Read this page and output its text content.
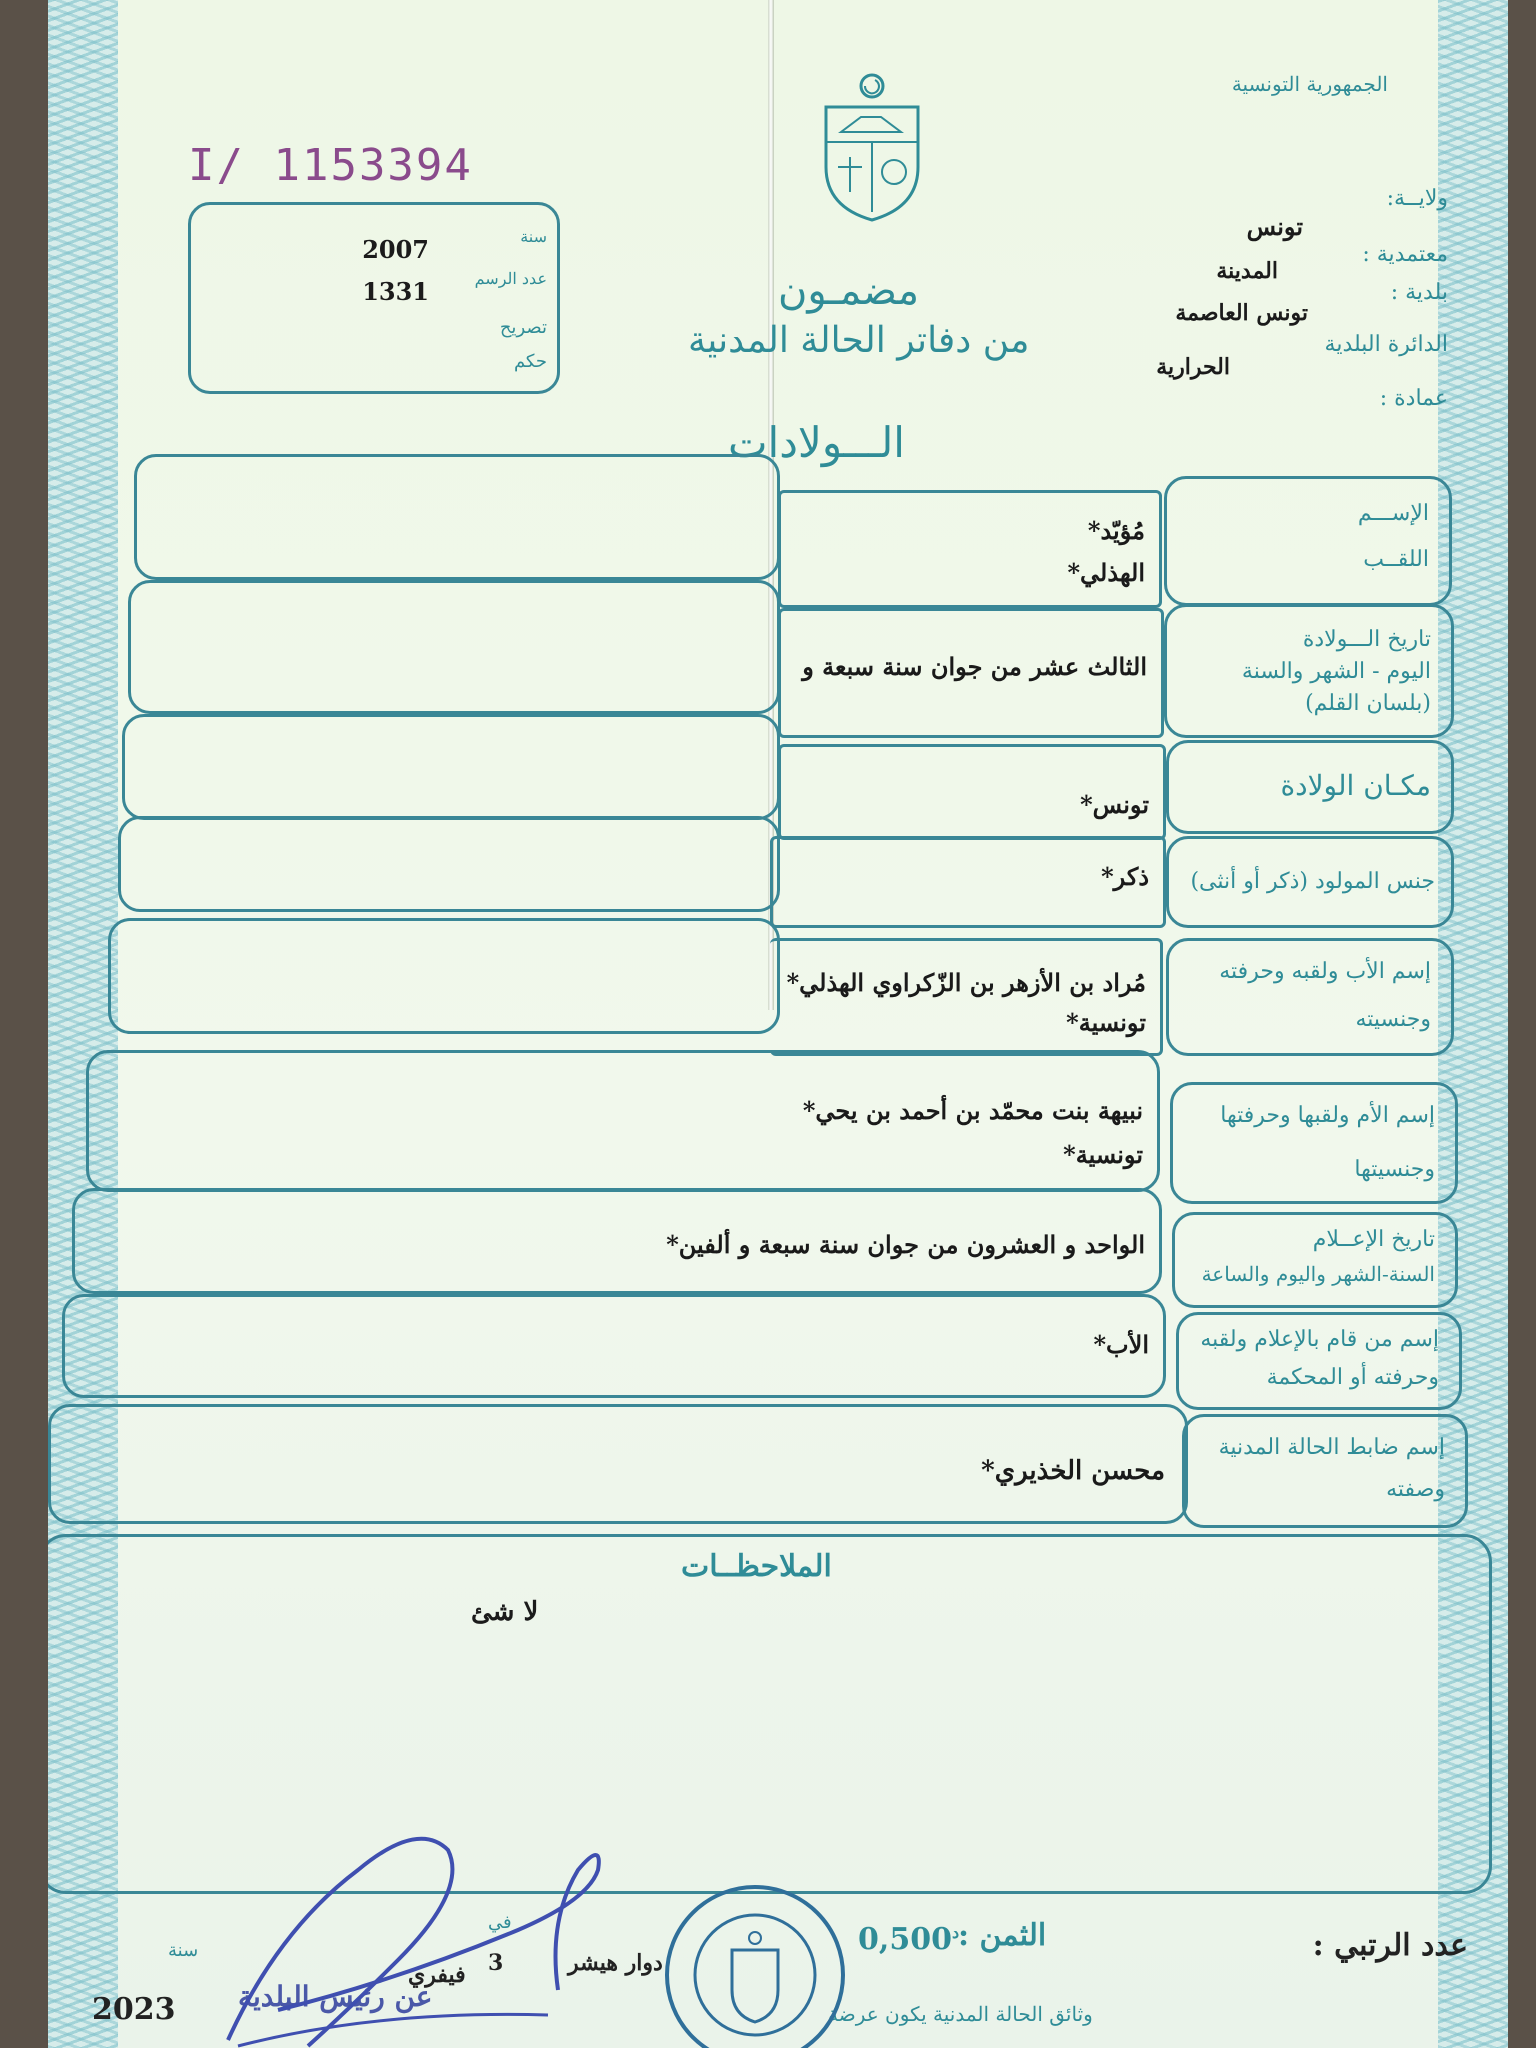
I/ 1153394
الجمهورية التونسية
ولايــة:
تونس
معتمدية :
المدينة
بلدية :
تونس العاصمة
الدائرة البلدية
الحرارية
عمادة :
مضمـون
من دفاتر الحالة المدنية
الـــولادات
سنة
2007
عدد الرسم
1331
تصريح
حكم
الإســـم
اللقــب
مُؤيّد*
الهذلي*
تاريخ الـــولادة
اليوم - الشهر والسنة
(بلسان القلم)
الثالث عشر من جوان سنة سبعة و
مكـان الولادة
تونس*
جنس المولود (ذكر أو أنثى)
ذكر*
إسم الأب ولقبه وحرفته
وجنسيته
مُراد بن الأزهر بن الزّكراوي الهذلي*
تونسية*
إسم الأم ولقبها وحرفتها
وجنسيتها
نبيهة بنت محمّد بن أحمد بن يحي*
تونسية*
تاريخ الإعــلام
السنة-الشهر واليوم والساعة
الواحد و العشرون من جوان سنة سبعة و ألفين*
إسم من قام بالإعلام ولقبه
وحرفته أو المحكمة
الأب*
إسم ضابط الحالة المدنية
وصفته
محسن الخذيري*
الملاحظــات
لا شئ
عدد الرتبي :
الثمن :
$^د$0,500
دوار هيشر
في
3
فيفري
سنة
2023 عن رئيس البلدية
وثائق الحالة المدنية يكون عرضة
